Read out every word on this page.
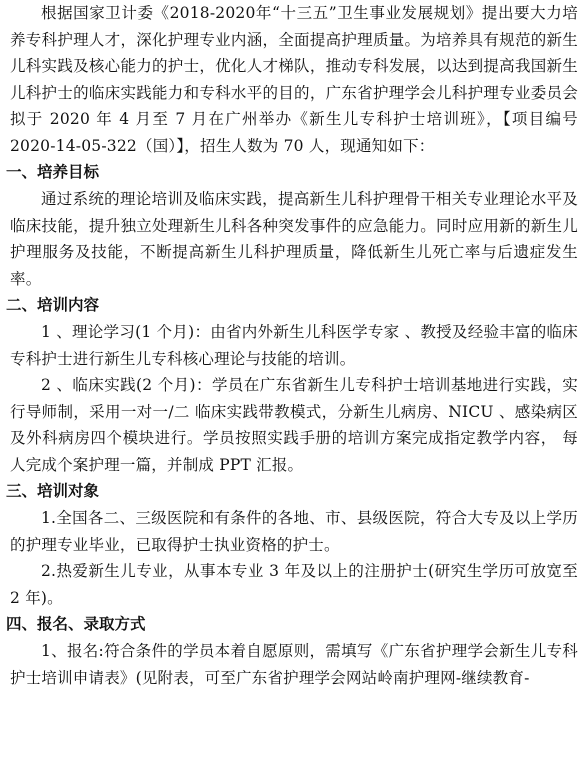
根据国家卫计委《2018-2020年“十三五”卫生事业发展规划》提出要大力培养专科护理人才，深化护理专业内涵，全面提高护理质量。为培养具有规范的新生儿科实践及核心能力的护士，优化人才梯队，推动专科发展，以达到提高我国新生儿科护士的临床实践能力和专科水平的目的，广东省护理学会儿科护理专业委员会拟于 2020 年 4 月至 7 月在广州举办《新生儿专科护士培训班》，【项目编号 2020-14-05-322（国）】，招生人数为 70 人，现通知如下：

一、培养目标

通过系统的理论培训及临床实践，提高新生儿科护理骨干相关专业理论水平及临床技能，提升独立处理新生儿科各种突发事件的应急能力。同时应用新的新生儿护理服务及技能，不断提高新生儿科护理质量，降低新生儿死亡率与后遗症发生率。

二、培训内容

1 、理论学习(1 个月)：由省内外新生儿科医学专家 、教授及经验丰富的临床专科护士进行新生儿专科核心理论与技能的培训。

2 、临床实践(2 个月)：学员在广东省新生儿专科护士培训基地进行实践，实行导师制，采用一对一/二 临床实践带教模式，分新生儿病房、NICU 、感染病区及外科病房四个模块进行。学员按照实践手册的培训方案完成指定教学内容， 每人完成个案护理一篇，并制成 PPT 汇报。

三、培训对象

1.全国各二、三级医院和有条件的各地、市、县级医院，符合大专及以上学历的护理专业毕业，已取得护士执业资格的护士。

2.热爱新生儿专业，从事本专业 3 年及以上的注册护士(研究生学历可放宽至 2 年)。

四、报名、录取方式

1、报名:符合条件的学员本着自愿原则，需填写《广东省护理学会新生儿专科护士培训申请表》(见附表，可至广东省护理学会网站岭南护理网-继续教育-
